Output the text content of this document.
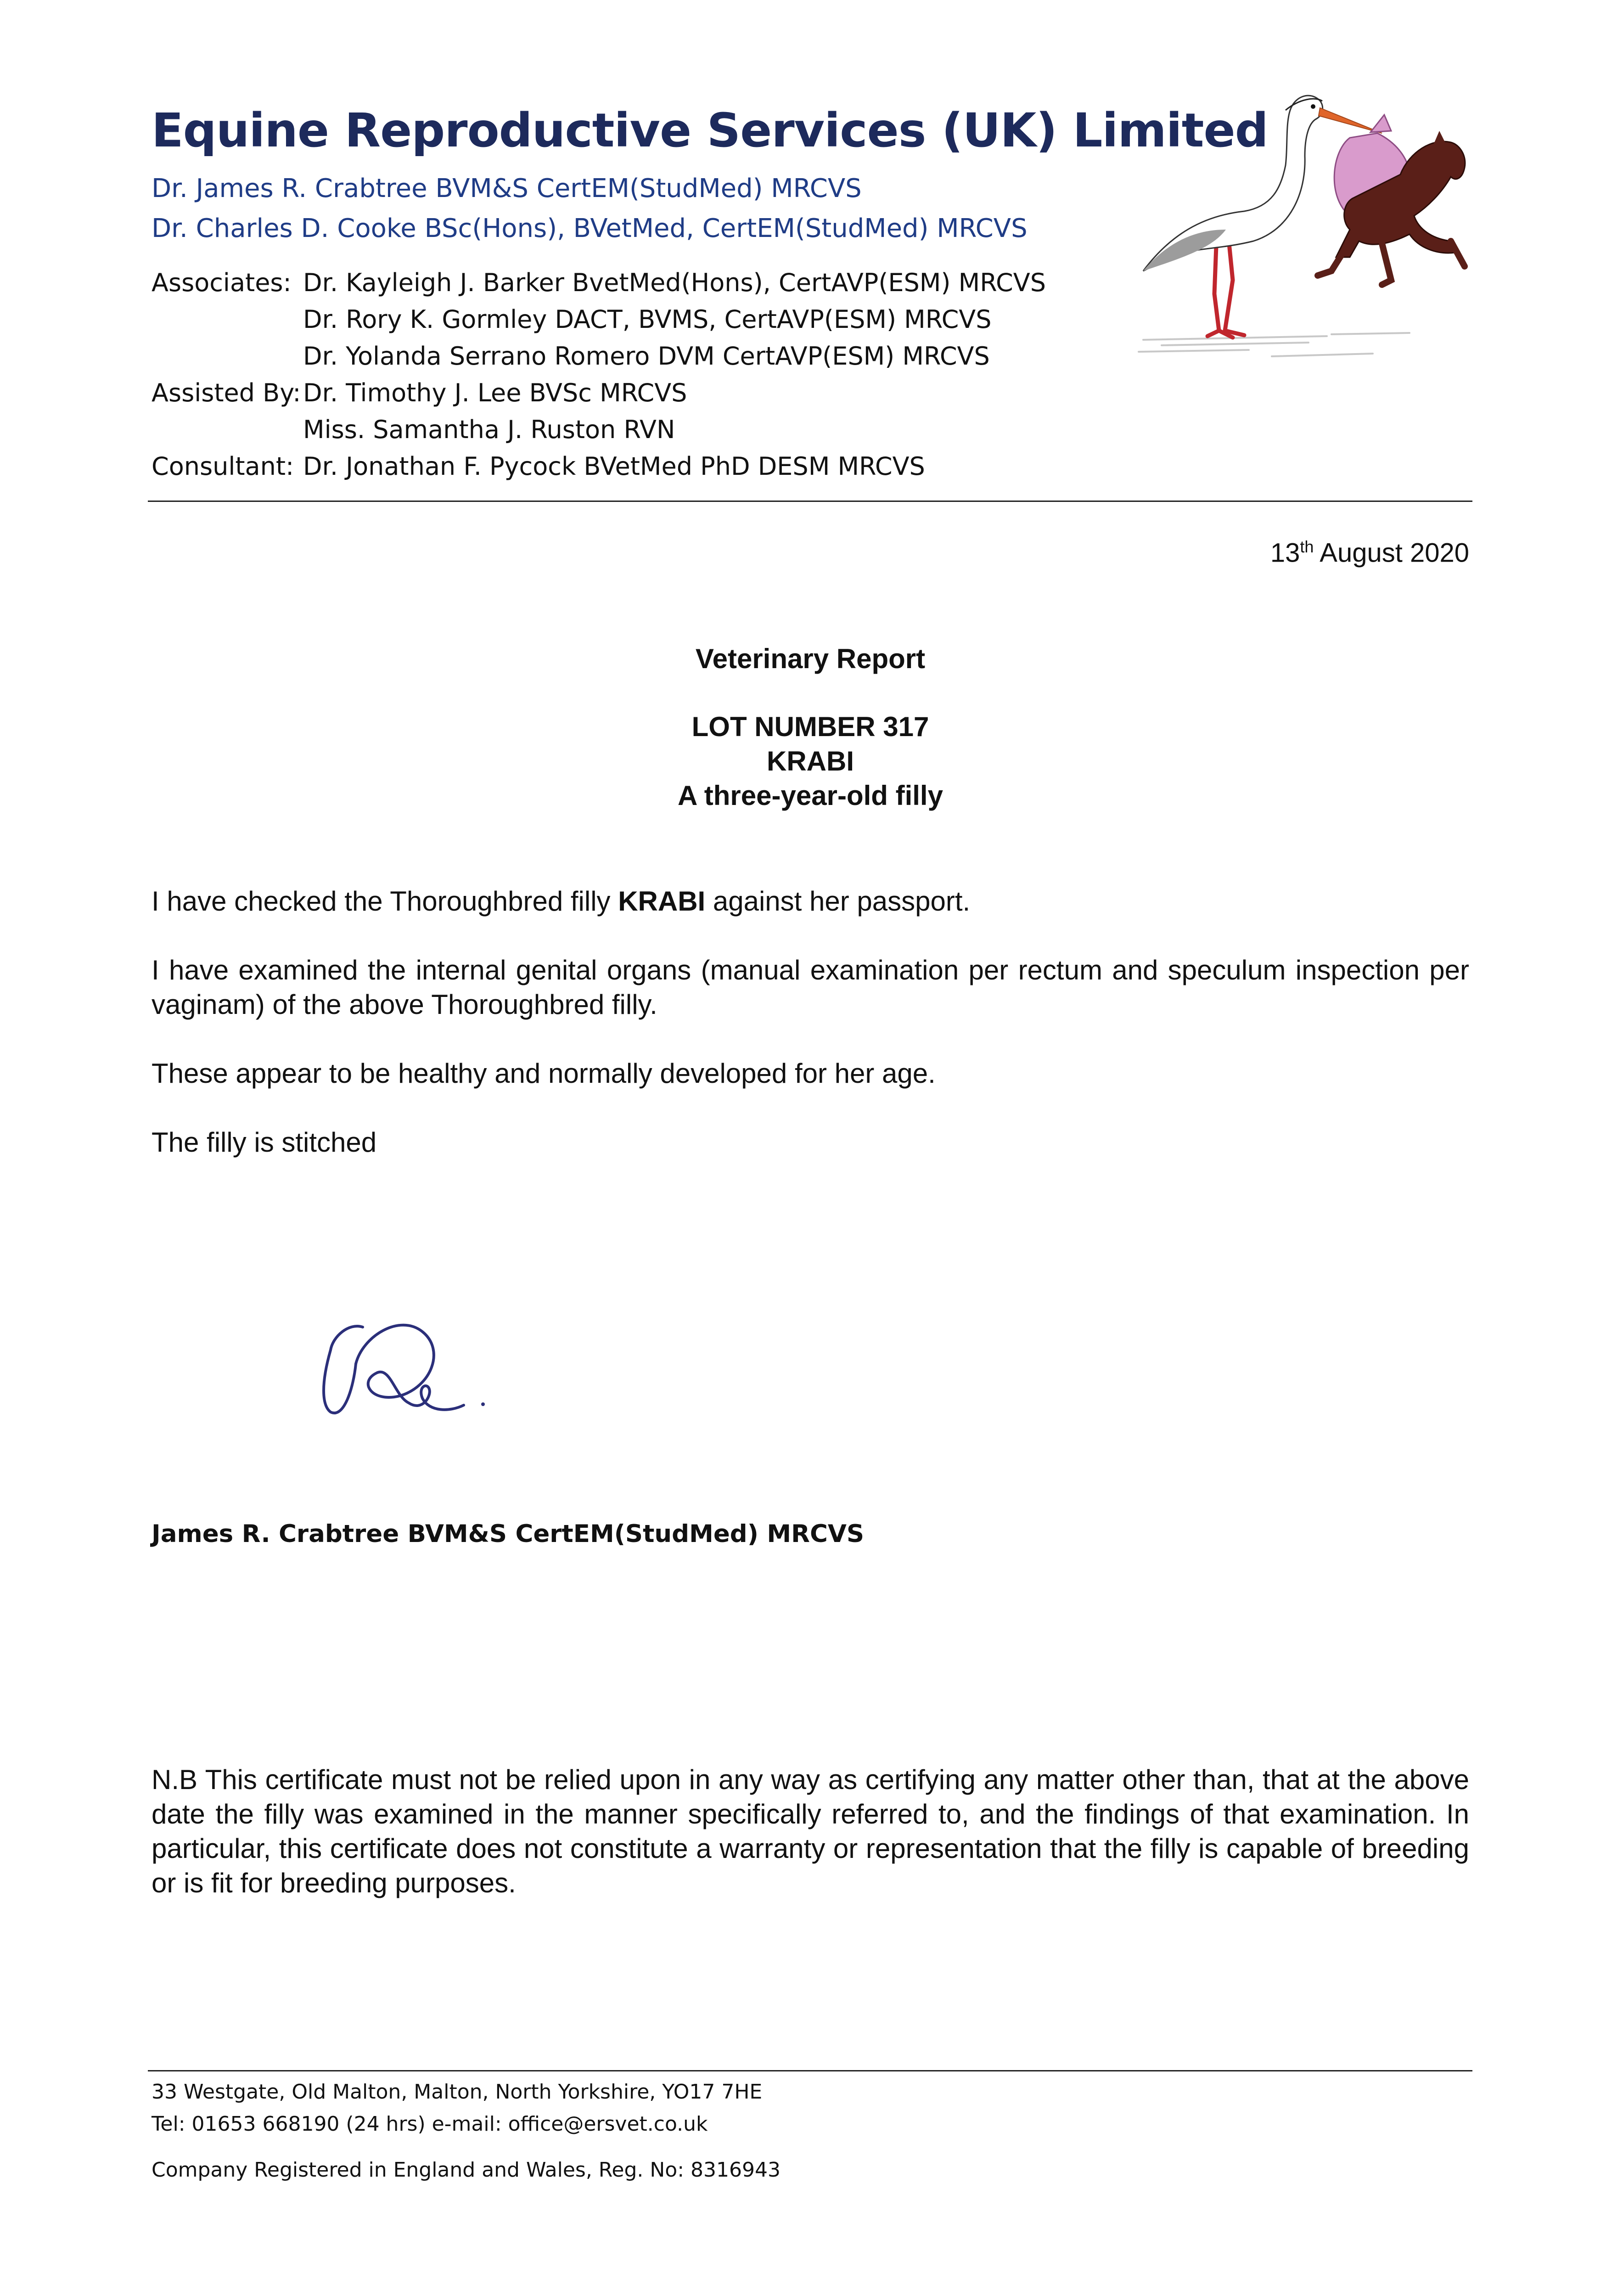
Equine Reproductive Services (UK) Limited
Dr. James R. Crabtree BVM&S CertEM(StudMed) MRCVS
Dr. Charles D. Cooke BSc(Hons), BVetMed, CertEM(StudMed) MRCVS
Associates: Dr. Kayleigh J. Barker BvetMed(Hons), CertAVP(ESM) MRCVS
Dr. Rory K. Gormley DACT, BVMS, CertAVP(ESM) MRCVS
Dr. Yolanda Serrano Romero DVM CertAVP(ESM) MRCVS
Assisted By: Dr. Timothy J. Lee BVSc MRCVS
Miss. Samantha J. Ruston RVN
Consultant: Dr. Jonathan F. Pycock BVetMed PhD DESM MRCVS
13th August 2020
Veterinary Report
LOT NUMBER 317
KRABI
A three-year-old filly
I have checked the Thoroughbred filly KRABI against her passport.
I have examined the internal genital organs (manual examination per rectum and speculum inspection per vaginam) of the above Thoroughbred filly.
These appear to be healthy and normally developed for her age.
The filly is stitched
James R. Crabtree BVM&S CertEM(StudMed) MRCVS
N.B This certificate must not be relied upon in any way as certifying any matter other than, that at the above date the filly was examined in the manner specifically referred to, and the findings of that examination. In particular, this certificate does not constitute a warranty or representation that the filly is capable of breeding or is fit for breeding purposes.
33 Westgate, Old Malton, Malton, North Yorkshire, YO17 7HE
Tel: 01653 668190 (24 hrs) e-mail: office@ersvet.co.uk
Company Registered in England and Wales, Reg. No: 8316943
